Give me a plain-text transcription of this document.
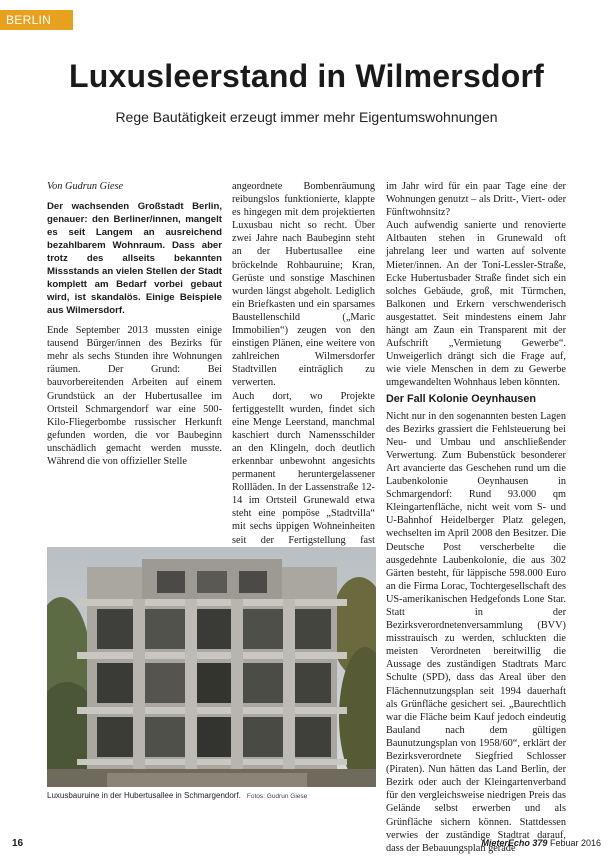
BERLIN
Luxusleerstand in Wilmersdorf
Rege Bautätigkeit erzeugt immer mehr Eigentumswohnungen

Von Gudrun Giese

Der wachsenden Großstadt Berlin, genauer: den Berliner/innen, mangelt es seit Langem an ausreichend bezahlbarem Wohnraum. Dass aber trotz des allseits bekannten Missstands an vielen Stellen der Stadt komplett am Bedarf vorbei gebaut wird, ist skandalös. Einige Beispiele aus Wilmersdorf.

Ende September 2013 mussten einige tausend Bürger/innen des Bezirks für mehr als sechs Stunden ihre Wohnungen räumen. Der Grund: Bei bauvorbereitenden Arbeiten auf einem Grundstück an der Hubertusallee im Ortsteil Schmargendorf war eine 500-Kilo-Fliegerbombe russischer Herkunft gefunden worden, die vor Baubeginn unschädlich gemacht werden musste. Während die von offizieller Stelle

angeordnete Bombenräumung reibungslos funktionierte, klappte es hingegen mit dem projektierten Luxusbau nicht so recht. Über zwei Jahre nach Baubeginn steht an der Hubertusallee eine bröckelnde Rohbauruine; Kran, Gerüste und sonstige Maschinen wurden längst abgeholt. Lediglich ein Briefkasten und ein sparsames Baustellenschild („Maric Immobilien“) zeugen von den einstigen Plänen, eine weitere von zahlreichen Wilmersdorfer Stadtvillen einträglich zu verwerten.

Auch dort, wo Projekte fertiggestellt wurden, findet sich eine Menge Leerstand, manchmal kaschiert durch Namensschilder an den Klingeln, doch deutlich erkennbar unbewohnt angesichts permanent heruntergelassener Rollläden. In der Lassenstraße 12-14 im Ortsteil Grunewald etwa steht eine pompöse „Stadtvilla“ mit sechs üppigen Wohneinheiten seit der Fertigstellung fast

im Jahr wird für ein paar Tage eine der Wohnungen genutzt – als Dritt-, Viert- oder Fünftwohnsitz?

Auch aufwendig sanierte und renovierte Altbauten stehen in Grunewald oft jahrelang leer und warten auf solvente Mieter/innen. An der Toni-Lessler-Straße, Ecke Hubertusbader Straße findet sich ein solches Gebäude, groß, mit Türmchen, Balkonen und Erkern verschwenderisch ausgestattet. Seit mindestens einem Jahr hängt am Zaun ein Transparent mit der Aufschrift „Vermietung Gewerbe“. Unweigerlich drängt sich die Frage auf, wie viele Menschen in dem zu Gewerbe umgewandelten Wohnhaus leben könnten.

Der Fall Kolonie Oeynhausen

Nicht nur in den sogenannten besten Lagen des Bezirks grassiert die Fehlsteuerung bei Neu- und Umbau und anschließender Verwertung. Zum Bubenstück besonderer Art avancierte das Geschehen rund um die Laubenkolonie Oeynhausen in Schmargendorf: Rund 93.000 qm Kleingartenfläche, nicht weit vom S- und U-Bahnhof Heidelberger Platz gelegen, wechselten im April 2008 den Besitzer. Die Deutsche Post verscherbelte die ausgedehnte Laubenkolonie, die aus 302 Gärten besteht, für läppische 598.000 Euro an die Firma Lorac, Tochtergesellschaft des US-amerikanischen Hedgefonds Lone Star. Statt in der Bezirksverordnetenversammlung (BVV) misstrauisch zu werden, schluckten die meisten Verordneten bereitwillig die Aussage des zuständigen Stadtrats Marc Schulte (SPD), dass das Areal über den Flächennutzungsplan seit 1994 dauerhaft als Grünfläche gesichert sei. „Baurechtlich war die Fläche beim Kauf jedoch eindeutig Bauland nach dem gültigen Baunutzungsplan von 1958/60“, erklärt der Bezirksverordnete Siegfried Schlosser (Piraten). Nun hätten das Land Berlin, der Bezirk oder auch der Kleingartenverband für den vergleichsweise niedrigen Preis das Gelände selbst erwerben und als Grünfläche sichern können. Stattdessen verwies der zuständige Stadtrat darauf, dass der Bebauungsplan gerade

Luxusbauruine in der Hubertusallee in Schmargendorf. Fotos: Gudrun Giese
16	MieterEcho 379 Febuar 2016
